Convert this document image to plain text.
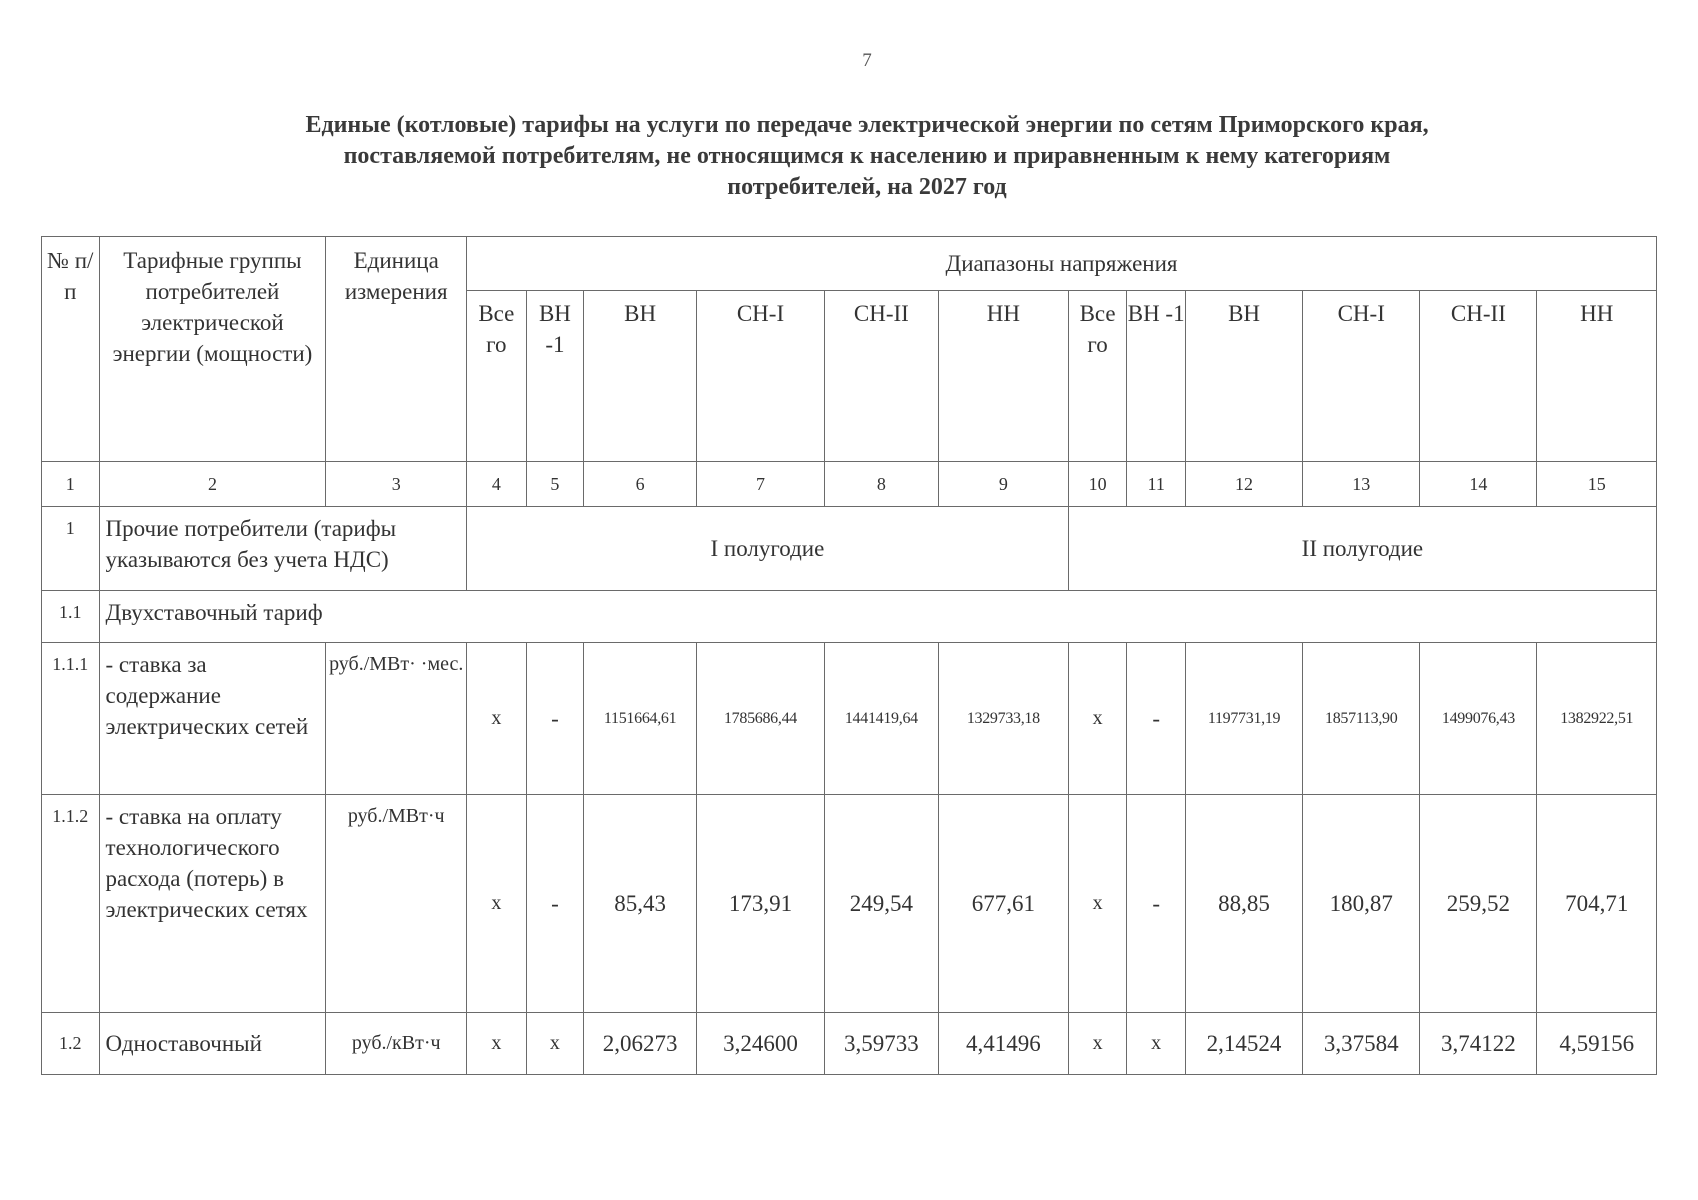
7
Единые (котловые) тарифы на услуги по передаче электрической энергии по сетям Приморского края,
поставляемой потребителям, не относящимся к населению и приравненным к нему категориям
потребителей, на 2027 год
№ п/п	Тарифные группы потребителей электрической энергии (мощности)	Единица измерения	Диапазоны напряжения											
			Все го	ВН -1	ВН	СН-I	СН-II	НН	Все го	ВН -1	ВН	СН-I	СН-II	НН
1	2	3	4	5	6	7	8	9	10	11	12	13	14	15
1	Прочие потребители (тарифы указываются без учета НДС)		I полугодие						II полугодие					
1.1	Двухставочный тариф													
1.1.1	- ставка за содержание электрических сетей	руб./МВт· ·мес.	х	-	1151664,61	1785686,44	1441419,64	1329733,18	х	-	1197731,19	1857113,90	1499076,43	1382922,51
1.1.2	- ставка на оплату технологического расхода (потерь) в электрических сетях	руб./МВт·ч	х	-	85,43	173,91	249,54	677,61	х	-	88,85	180,87	259,52	704,71
1.2	Одноставочный	руб./кВт·ч	х	х	2,06273	3,24600	3,59733	4,41496	х	х	2,14524	3,37584	3,74122	4,59156
